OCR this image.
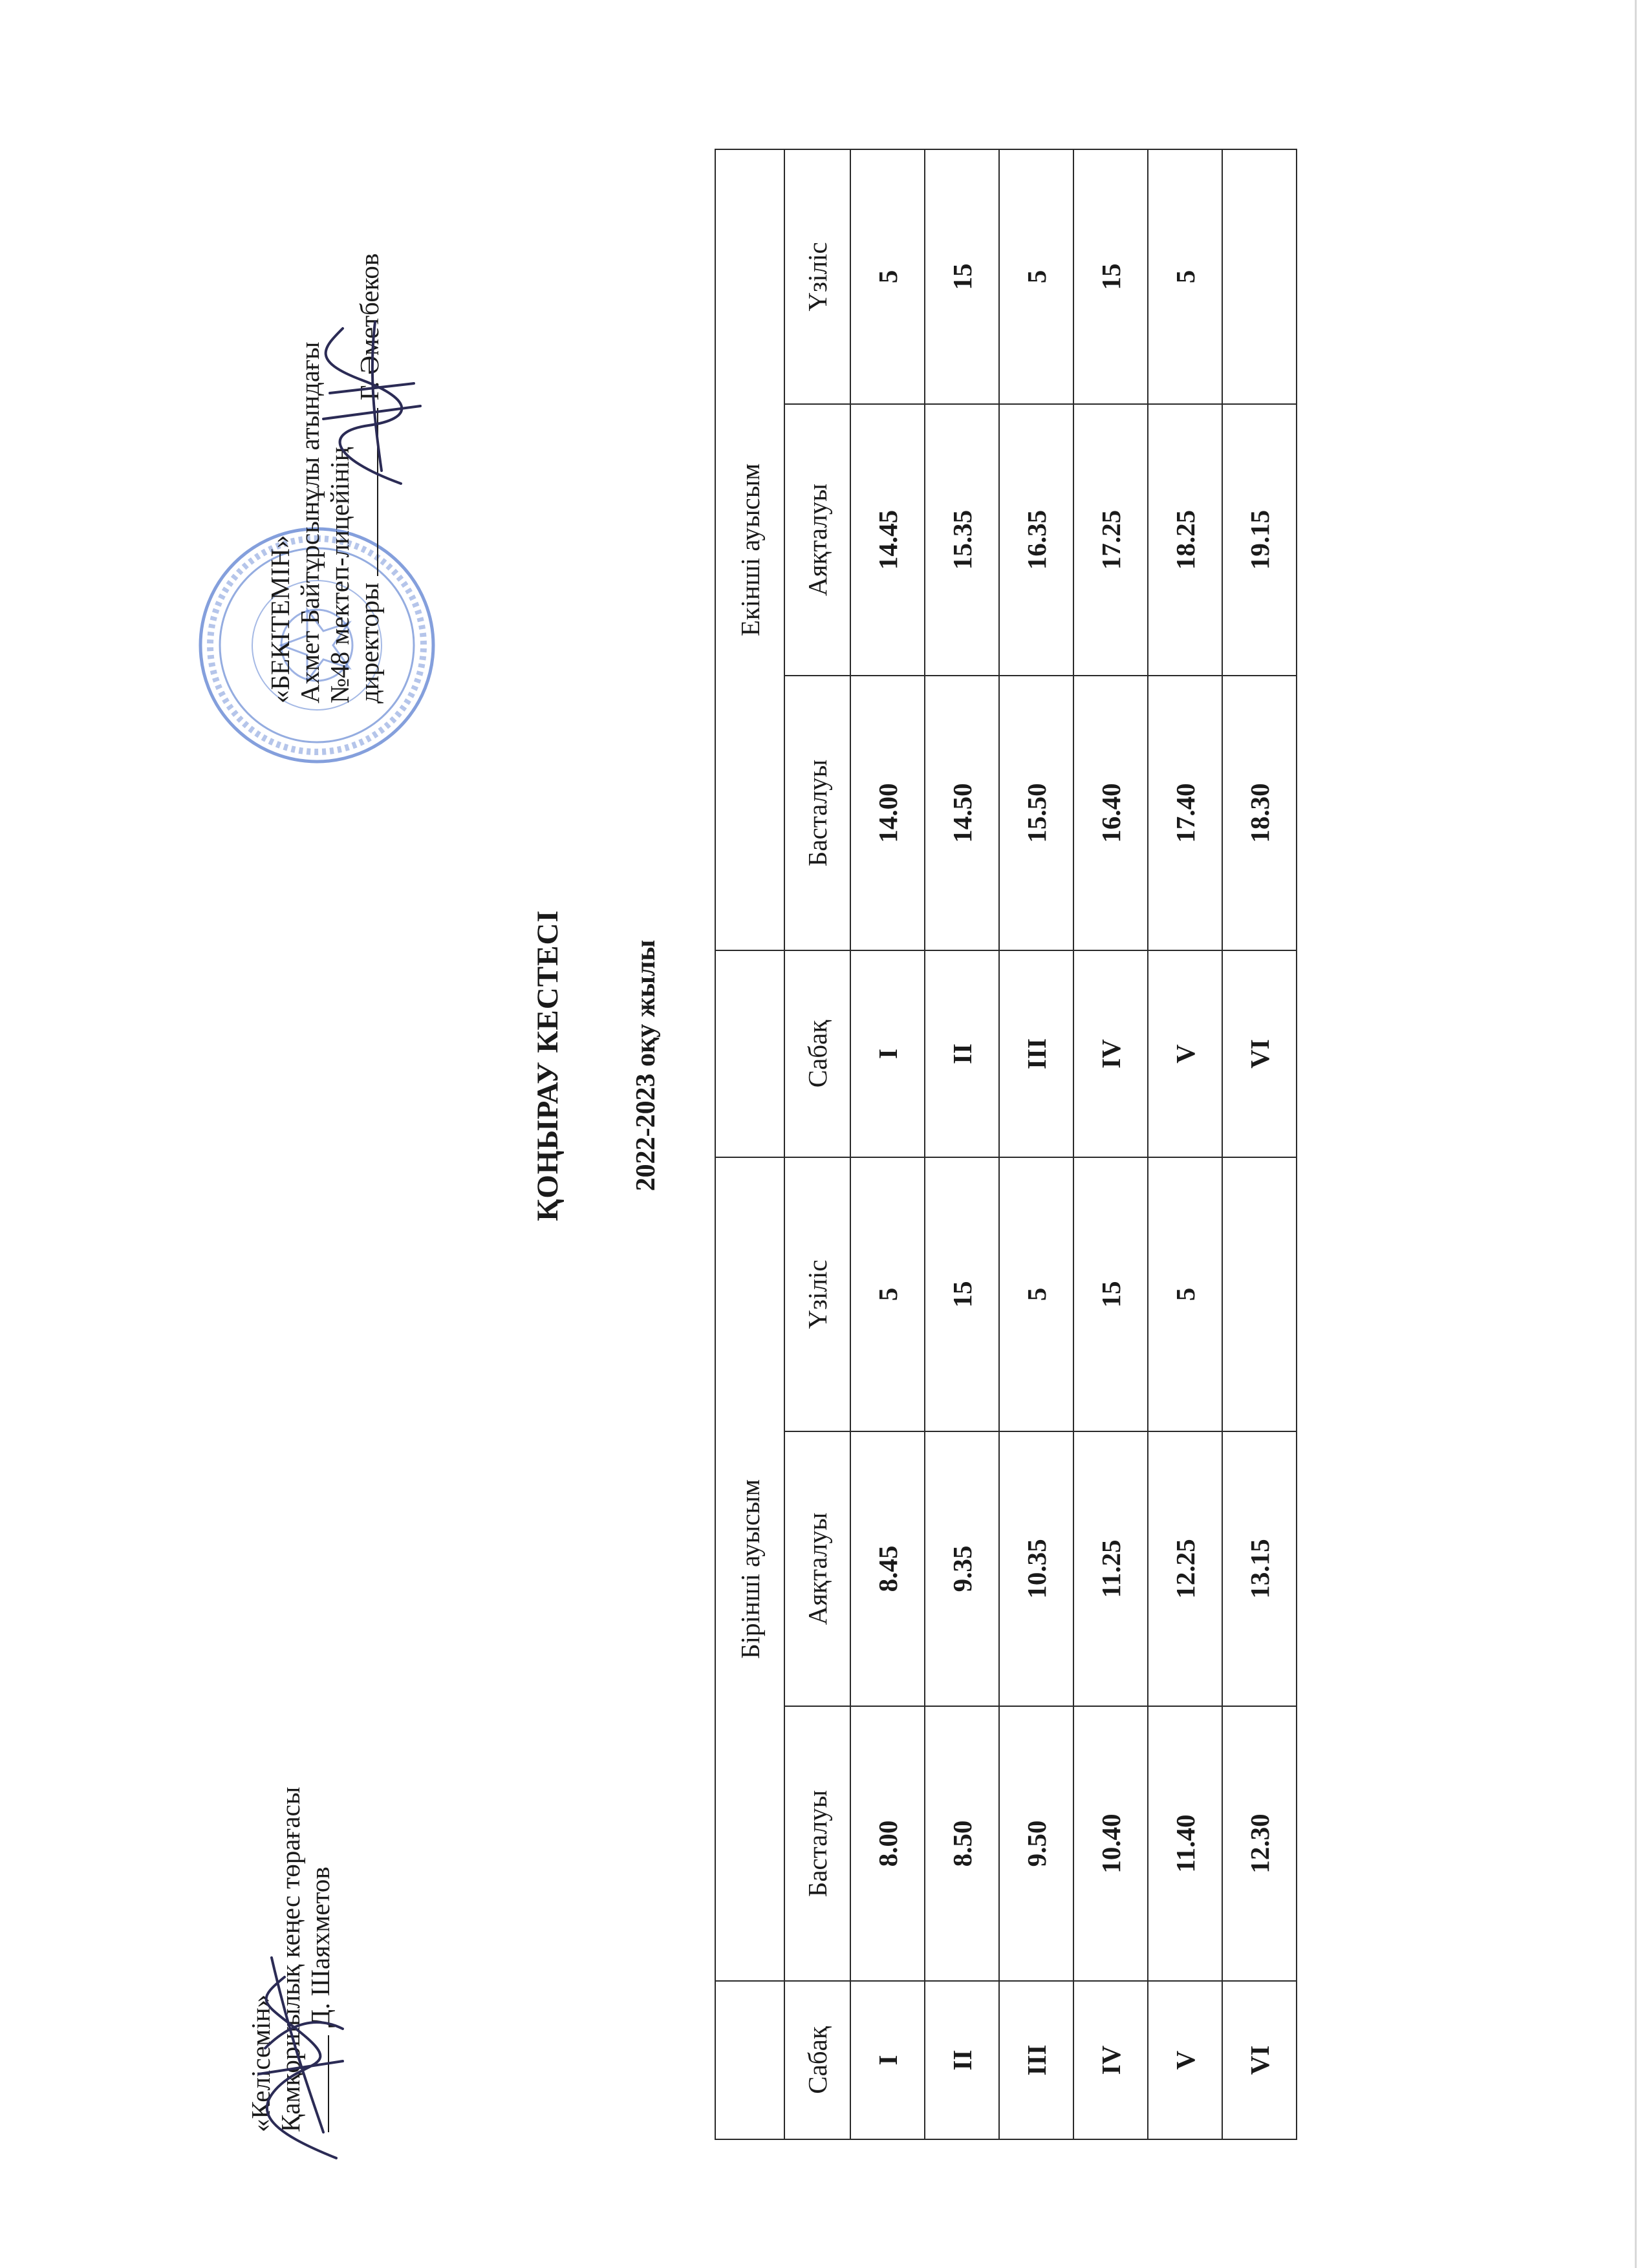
«Келісемін» Қамқоршылық кеңес төрағасы Д. Шаяхметов
ҚОҢЫРАУ КЕСТЕСІ 2022-2023 оқу жылы
«БЕКІТЕМІН» Ахмет Байтұрсынұлы атындағы №48 мектеп-лицейінің директорыГ. Әметбеков
	Бірінші ауысым				Екінші ауысым		
Сабақ	Басталуы	Аяқталуы	Үзіліс	Сабақ	Басталуы	Аяқталуы	Үзіліс
I	8.00	8.45	5	I	14.00	14.45	5
II	8.50	9.35	15	II	14.50	15.35	15
III	9.50	10.35	5	III	15.50	16.35	5
IV	10.40	11.25	15	IV	16.40	17.25	15
V	11.40	12.25	5	V	17.40	18.25	5
VI	12.30	13.15		VI	18.30	19.15	
